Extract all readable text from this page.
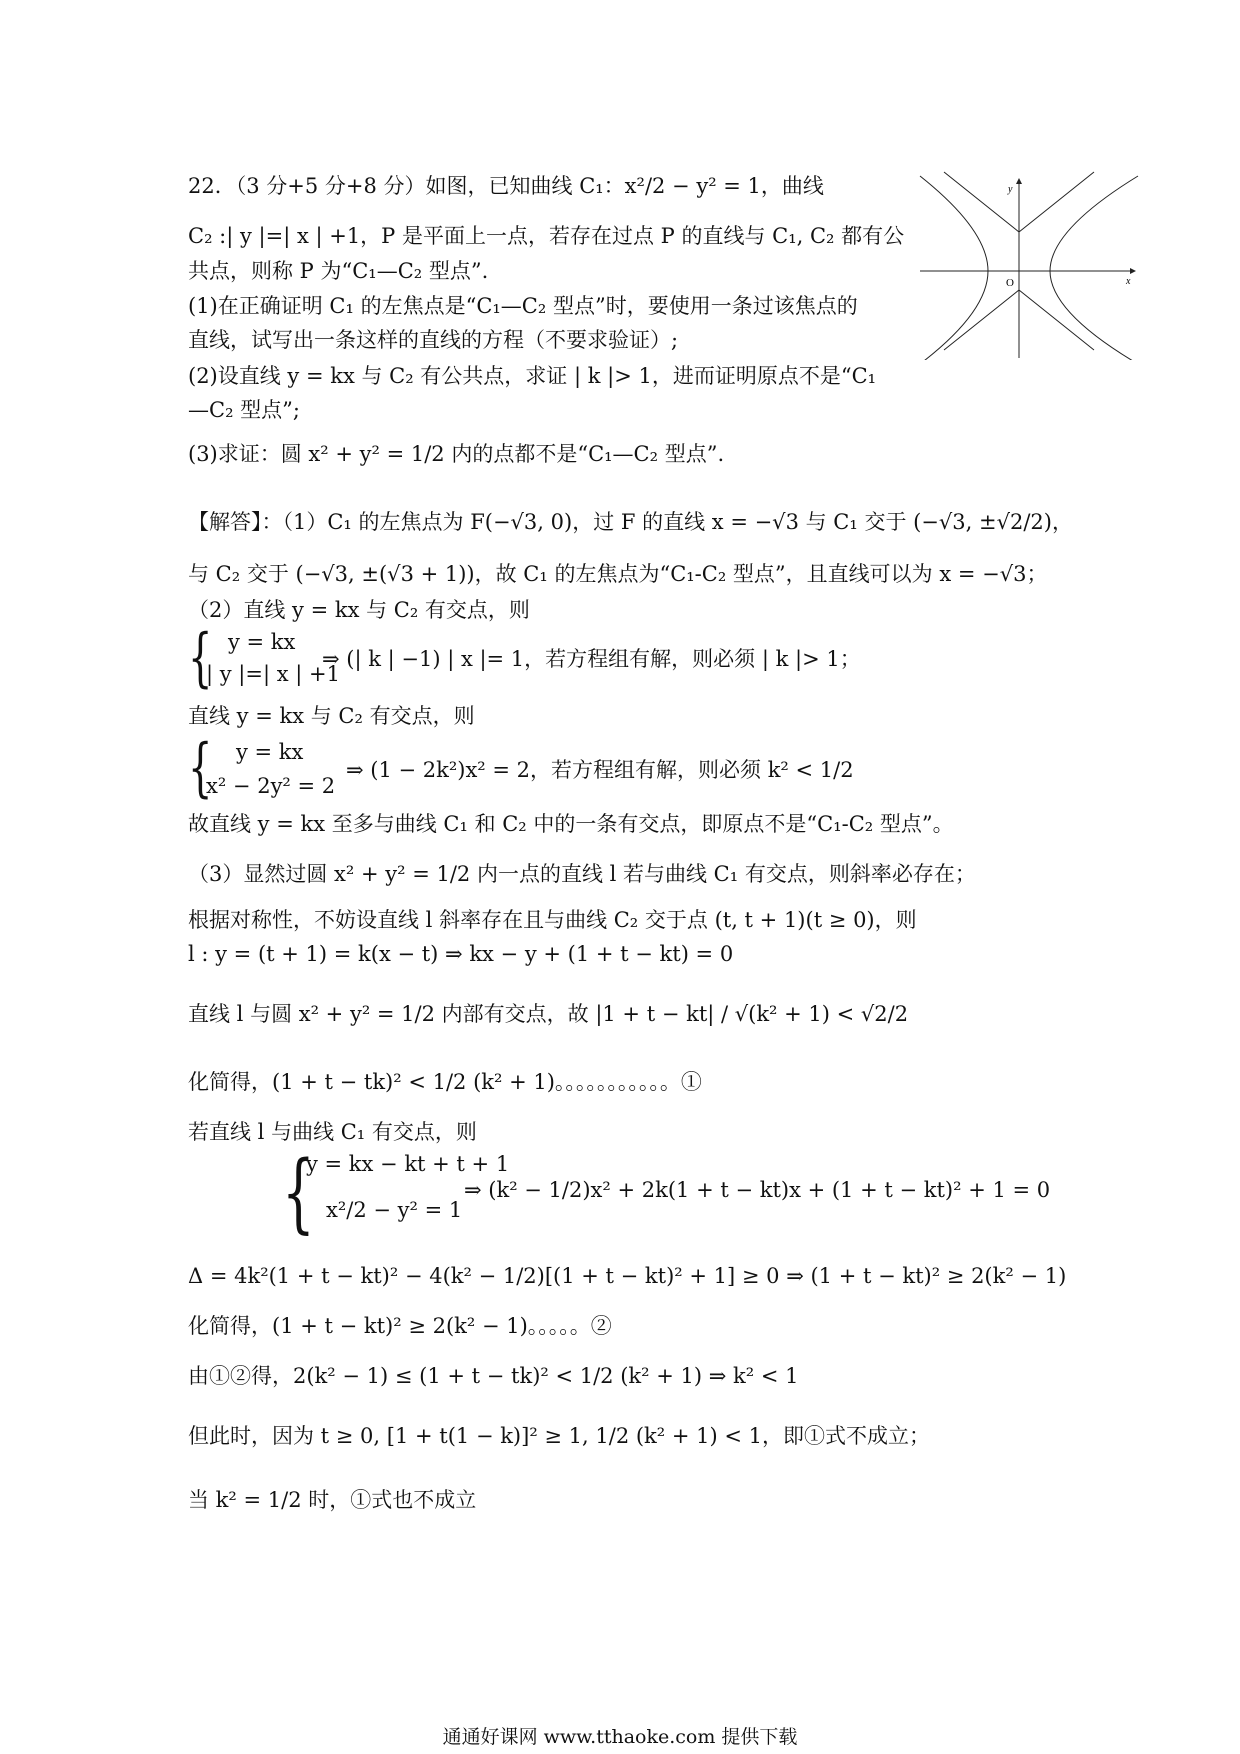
22．（3 分+5 分+8 分）如图，已知曲线 C₁：x²/2 − y² = 1，曲线
C₂ :| y |=| x | +1，P 是平面上一点，若存在过点 P 的直线与 C₁, C₂ 都有公
共点，则称 P 为“C₁—C₂ 型点”.
(1)在正确证明 C₁ 的左焦点是“C₁—C₂ 型点”时，要使用一条过该焦点的
直线，试写出一条这样的直线的方程（不要求验证）;
(2)设直线 y = kx 与 C₂ 有公共点，求证 | k |> 1，进而证明原点不是“C₁
—C₂ 型点”;
(3)求证：圆 x² + y² = 1/2 内的点都不是“C₁—C₂ 型点”.
y
x
O
【解答】：（1）C₁ 的左焦点为 F(−√3, 0)，过 F 的直线 x = −√3 与 C₁ 交于 (−√3, ±√2/2)，
与 C₂ 交于 (−√3, ±(√3 + 1))，故 C₁ 的左焦点为“C₁-C₂ 型点”，且直线可以为 x = −√3；
（2）直线 y = kx 与 C₂ 有交点，则
{ y = kx
| y |=| x | +1
⇒ (| k | −1) | x |= 1，若方程组有解，则必须 | k |> 1；
直线 y = kx 与 C₂ 有交点，则
{ y = kx
x² − 2y² = 2
⇒ (1 − 2k²)x² = 2，若方程组有解，则必须 k² < 1/2
故直线 y = kx 至多与曲线 C₁ 和 C₂ 中的一条有交点，即原点不是“C₁-C₂ 型点”。
（3）显然过圆 x² + y² = 1/2 内一点的直线 l 若与曲线 C₁ 有交点，则斜率必存在；
根据对称性，不妨设直线 l 斜率存在且与曲线 C₂ 交于点 (t, t + 1)(t ≥ 0)，则
l : y = (t + 1) = k(x − t) ⇒ kx − y + (1 + t − kt) = 0
直线 l 与圆 x² + y² = 1/2 内部有交点，故 |1 + t − kt| / √(k² + 1) < √2/2
化简得，(1 + t − tk)² < 1/2 (k² + 1)。。。。。。。。。。。①
若直线 l 与曲线 C₁ 有交点，则
{
y = kx − kt + t + 1
x²/2 − y² = 1
⇒ (k² − 1/2)x² + 2k(1 + t − kt)x + (1 + t − kt)² + 1 = 0
Δ = 4k²(1 + t − kt)² − 4(k² − 1/2)[(1 + t − kt)² + 1] ≥ 0 ⇒ (1 + t − kt)² ≥ 2(k² − 1)
化简得，(1 + t − kt)² ≥ 2(k² − 1)。。。。。②
由①②得，2(k² − 1) ≤ (1 + t − tk)² < 1/2 (k² + 1) ⇒ k² < 1
但此时，因为 t ≥ 0, [1 + t(1 − k)]² ≥ 1, 1/2 (k² + 1) < 1，即①式不成立；
当 k² = 1/2 时，①式也不成立
通通好课网 www.tthaoke.com 提供下载
